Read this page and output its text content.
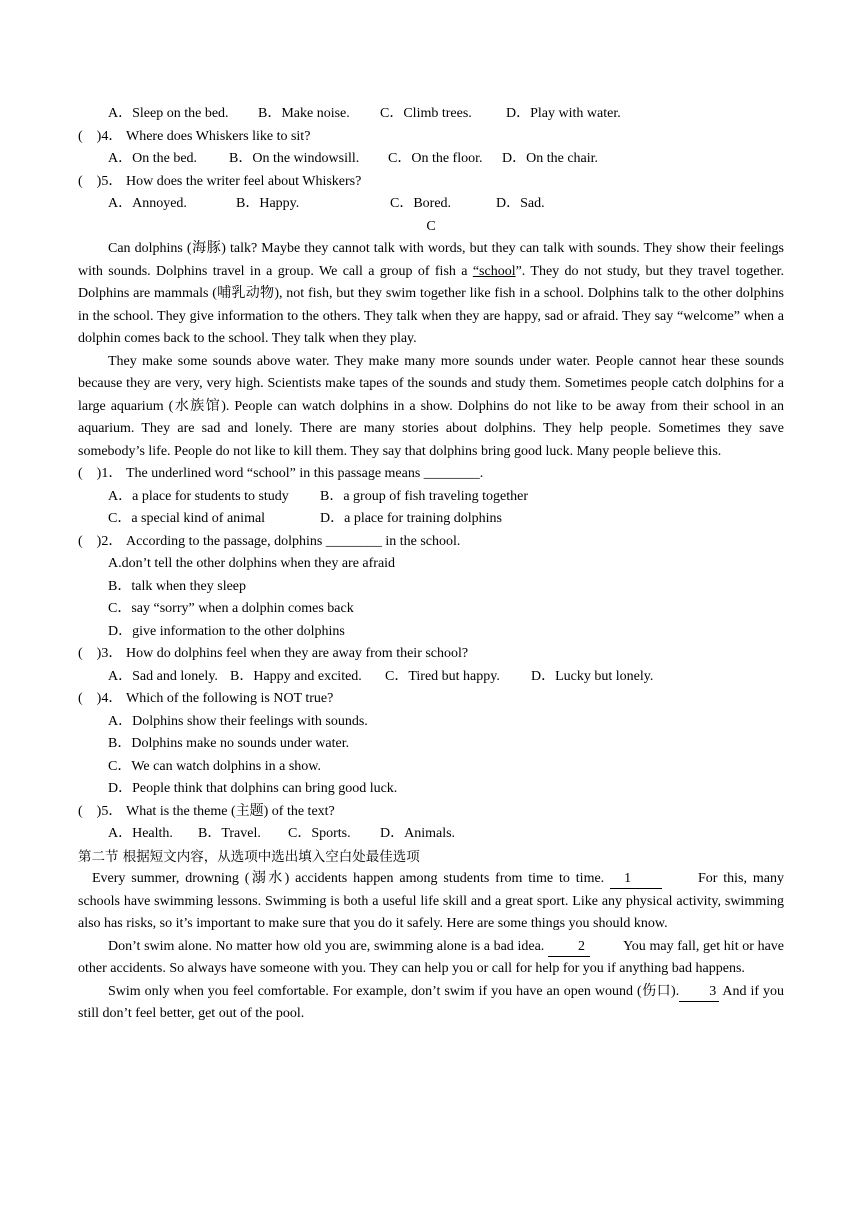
A．Sleep on the bed. B．Make noise. C．Climb trees. D．Play with water.
(　)4． Where does Whiskers like to sit?
A．On the bed. B．On the windowsill. C．On the floor. D．On the chair.
(　)5． How does the writer feel about Whiskers?
A．Annoyed.	B．Happy.	C．Bored.	D．Sad.
C
Can dolphins (海豚) talk? Maybe they cannot talk with words, but they can talk with sounds. They show their feelings with sounds. Dolphins travel in a group. We call a group of fish a “school”. They do not study, but they travel together. Dolphins are mammals (哺乳动物), not fish, but they swim together like fish in a school. Dolphins talk to the other dolphins in the school. They give information to the others. They talk when they are happy, sad or afraid. They say “welcome” when a dolphin comes back to the school. They talk when they play.
They make some sounds above water. They make many more sounds under water. People cannot hear these sounds because they are very, very high. Scientists make tapes of the sounds and study them. Sometimes people catch dolphins for a large aquarium (水族馆). People can watch dolphins in a show. Dolphins do not like to be away from their school in an aquarium. They are sad and lonely. There are many stories about dolphins. They help people. Sometimes they save somebody’s life. People do not like to kill them. They say that dolphins bring good luck. Many people believe this.
(　)1． The underlined word “school” in this passage means ________.
A．a place for students to study B．a group of fish traveling together
C．a special kind of animal	D．a place for training dolphins
(　)2． According to the passage, dolphins ________ in the school.
A.don’t tell the other dolphins when they are afraid
B．talk when they sleep
C．say “sorry” when a dolphin comes back
D．give information to the other dolphins
(　)3． How do dolphins feel when they are away from their school?
A．Sad and lonely. B．Happy and excited. C．Tired but happy. D．Lucky but lonely.
(　)4． Which of the following is NOT true?
A．Dolphins show their feelings with sounds.
B．Dolphins make no sounds under water.
C．We can watch dolphins in a show.
D．People think that dolphins can bring good luck.
(　)5． What is the theme (主题) of the text?
A．Health. B．Travel. C．Sports. D．Animals.
第二节 根据短文内容，从选项中选出填入空白处最佳选项
Every summer, drowning (溺水) accidents happen among students from time to time. 1	For this, many schools have swimming lessons. Swimming is both a useful life skill and a great sport. Like any physical activity, swimming also has risks, so it’s important to make sure that you do it safely. Here are some things you should know.
Don’t swim alone. No matter how old you are, swimming alone is a bad idea. 2	You may fall, get hit or have other accidents. So always have someone with you. They can help you or call for help for you if anything bad happens.
Swim only when you feel comfortable. For example, don’t swim if you have an open wound (伤口). 3 And if you still don’t feel better, get out of the pool.
